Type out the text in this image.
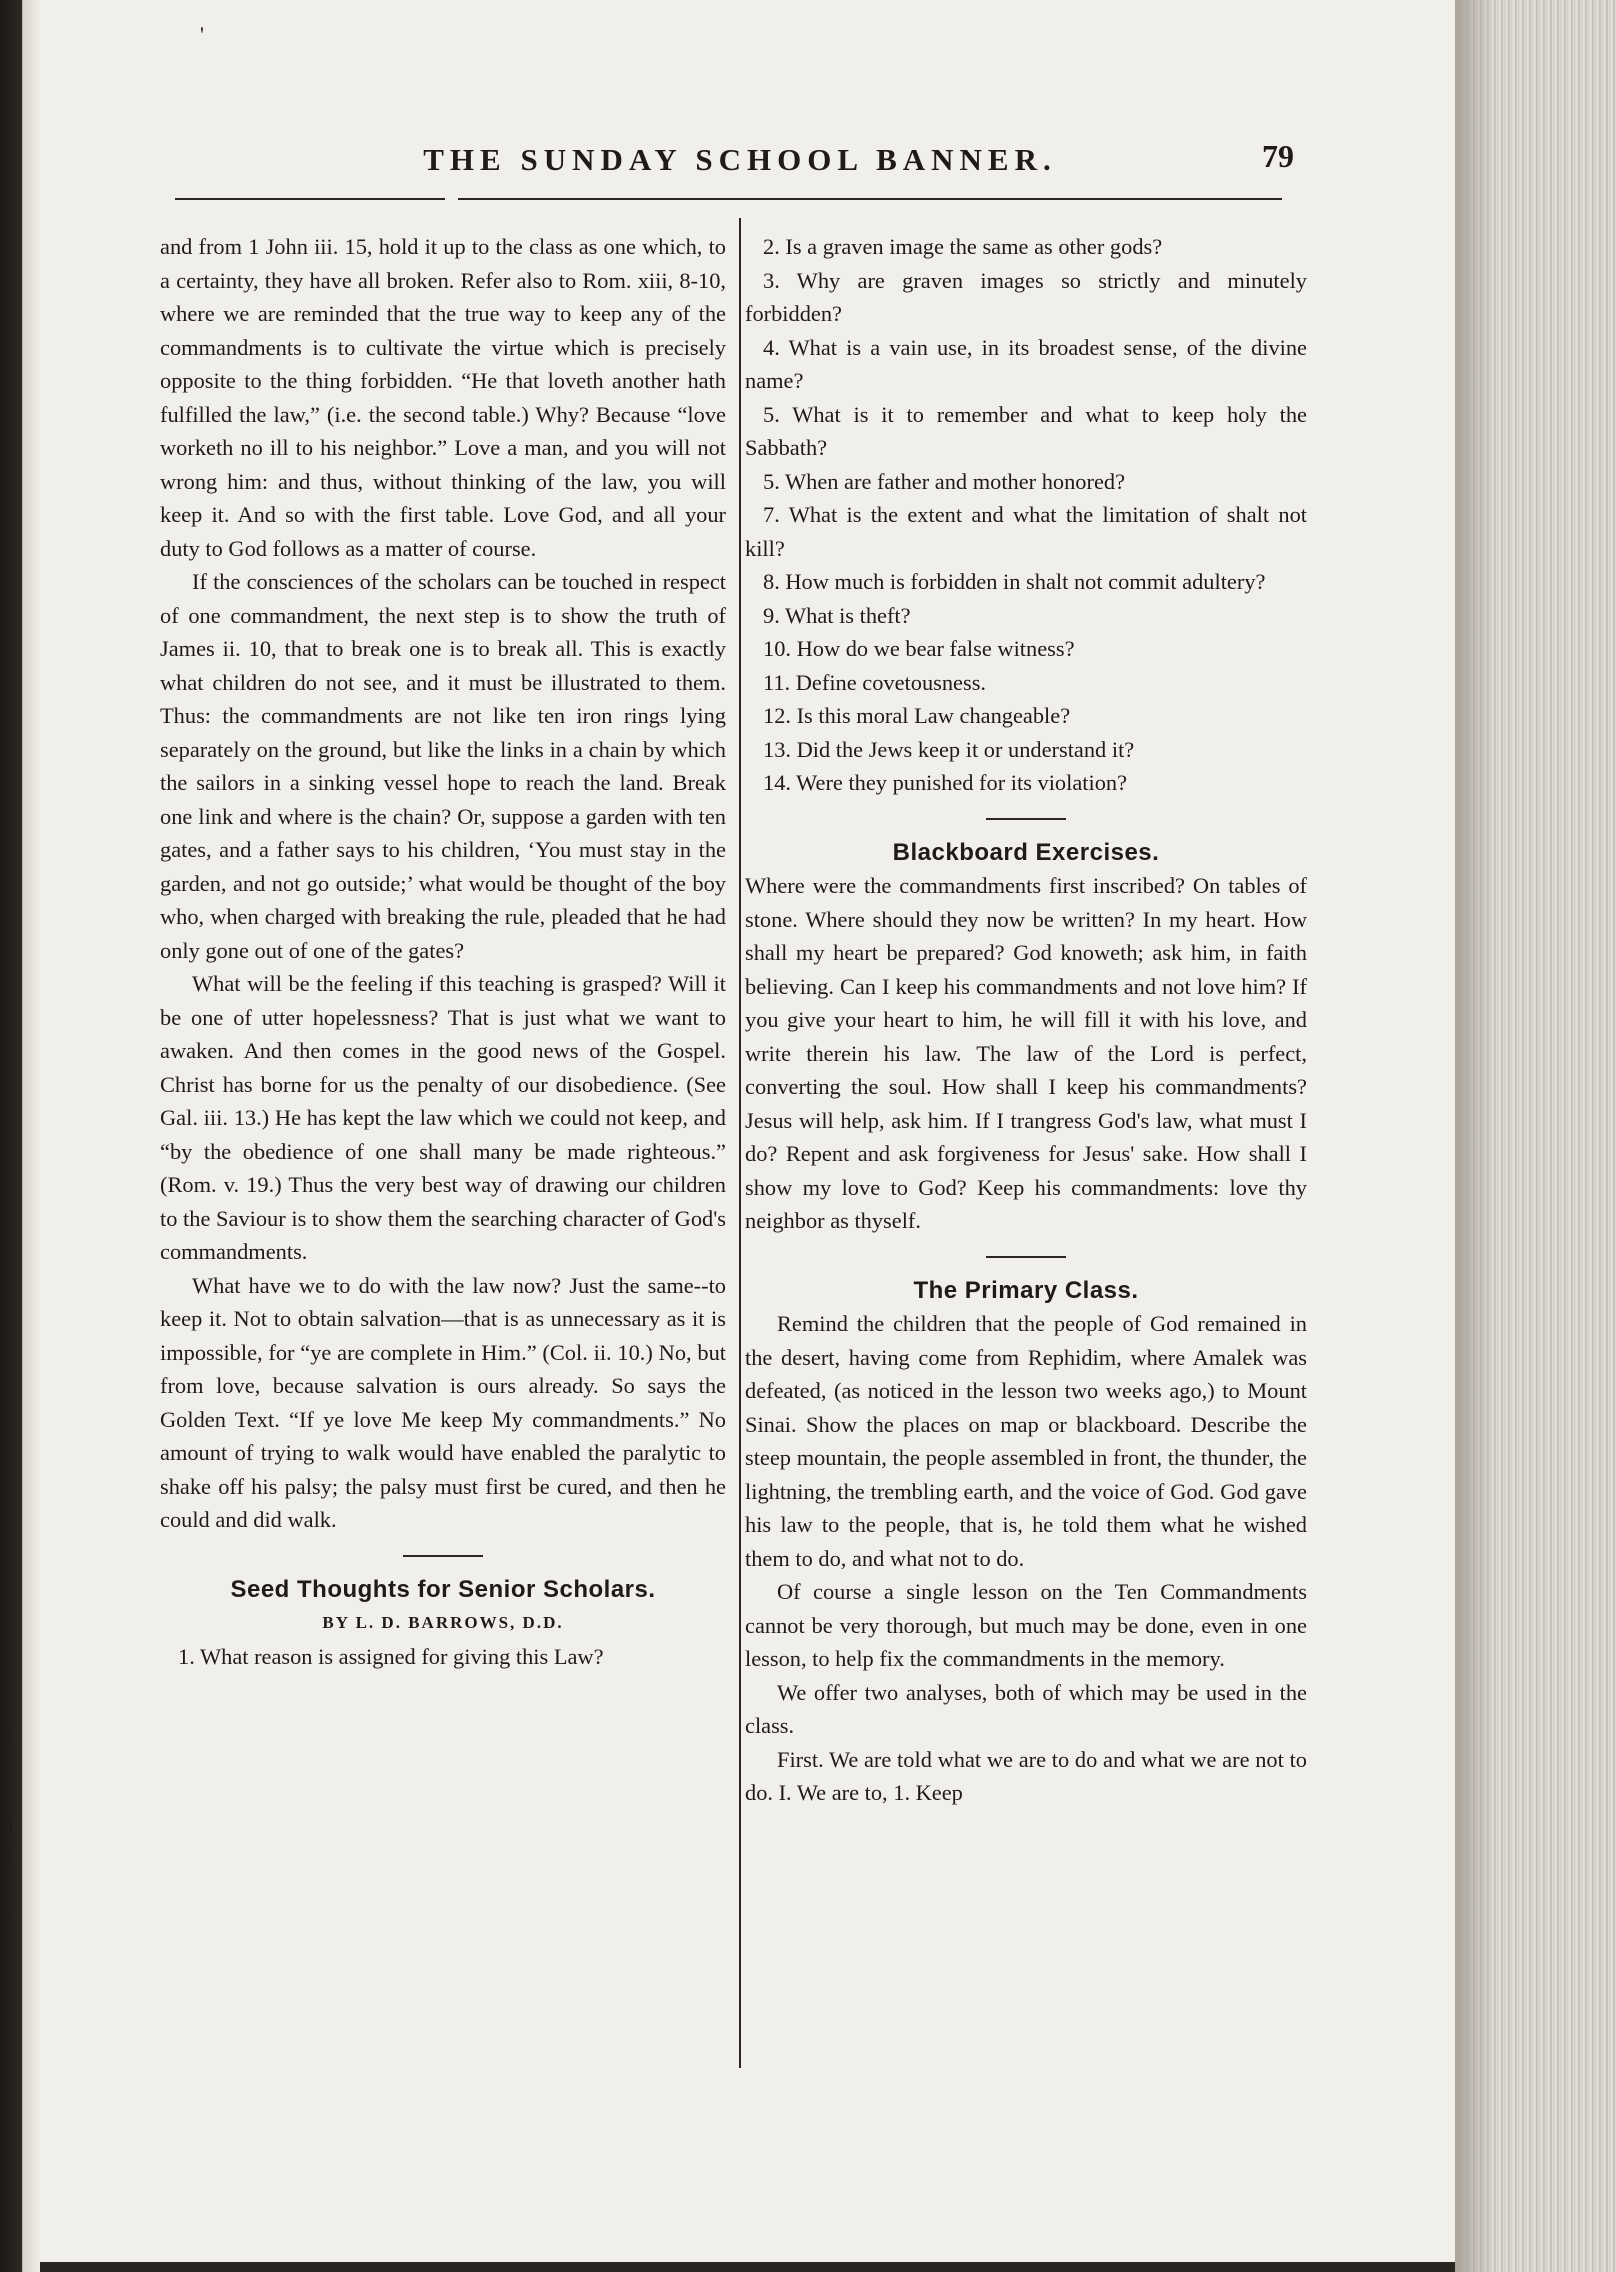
t
s
,
t
h
y
t
s
-
t
'
THE SUNDAY SCHOOL BANNER.	79

and from 1 John iii. 15, hold it up to the class as one which, to a certainty, they have all broken. Refer also to Rom. xiii, 8-10, where we are reminded that the true way to keep any of the commandments is to cultivate the virtue which is precisely opposite to the thing forbidden. “He that loveth another hath fulfilled the law,” (i.e. the second table.) Why? Because “love worketh no ill to his neighbor.” Love a man, and you will not wrong him: and thus, without thinking of the law, you will keep it. And so with the first table. Love God, and all your duty to God follows as a matter of course.

If the consciences of the scholars can be touched in respect of one commandment, the next step is to show the truth of James ii. 10, that to break one is to break all. This is exactly what children do not see, and it must be illustrated to them. Thus: the commandments are not like ten iron rings lying separately on the ground, but like the links in a chain by which the sailors in a sinking vessel hope to reach the land. Break one link and where is the chain? Or, suppose a garden with ten gates, and a father says to his children, ‘You must stay in the garden, and not go outside;’ what would be thought of the boy who, when charged with breaking the rule, pleaded that he had only gone out of one of the gates?

What will be the feeling if this teaching is grasped? Will it be one of utter hopelessness? That is just what we want to awaken. And then comes in the good news of the Gospel. Christ has borne for us the penalty of our disobedience. (See Gal. iii. 13.) He has kept the law which we could not keep, and “by the obedience of one shall many be made righteous.” (Rom. v. 19.) Thus the very best way of drawing our children to the Saviour is to show them the searching character of God's commandments.

What have we to do with the law now? Just the same--to keep it. Not to obtain salvation—that is as unnecessary as it is impossible, for “ye are complete in Him.” (Col. ii. 10.) No, but from love, because salvation is ours already. So says the Golden Text. “If ye love Me keep My commandments.” No amount of trying to walk would have enabled the paralytic to shake off his palsy; the palsy must first be cured, and then he could and did walk.

Seed Thoughts for Senior Scholars.

BY L. D. BARROWS, D.D.

1. What reason is assigned for giving this Law?

2. Is a graven image the same as other gods?

3. Why are graven images so strictly and minutely forbidden?

4. What is a vain use, in its broadest sense, of the divine name?

5. What is it to remember and what to keep holy the Sabbath?

5. When are father and mother honored?

7. What is the extent and what the limitation of shalt not kill?

8. How much is forbidden in shalt not commit adultery?

9. What is theft?

10. How do we bear false witness?

11. Define covetousness.

12. Is this moral Law changeable?

13. Did the Jews keep it or understand it?

14. Were they punished for its violation?

Blackboard Exercises.

Where were the commandments first inscribed? On tables of stone. Where should they now be written? In my heart. How shall my heart be prepared? God knoweth; ask him, in faith believing. Can I keep his commandments and not love him? If you give your heart to him, he will fill it with his love, and write therein his law. The law of the Lord is perfect, converting the soul. How shall I keep his commandments? Jesus will help, ask him. If I trangress God's law, what must I do? Repent and ask forgiveness for Jesus' sake. How shall I show my love to God? Keep his commandments: love thy neighbor as thyself.

The Primary Class.

Remind the children that the people of God remained in the desert, having come from Rephidim, where Amalek was defeated, (as noticed in the lesson two weeks ago,) to Mount Sinai. Show the places on map or blackboard. Describe the steep mountain, the people assembled in front, the thunder, the lightning, the trembling earth, and the voice of God. God gave his law to the people, that is, he told them what he wished them to do, and what not to do.

Of course a single lesson on the Ten Commandments cannot be very thorough, but much may be done, even in one lesson, to help fix the commandments in the memory.

We offer two analyses, both of which may be used in the class.

First. We are told what we are to do and what we are not to do. I. We are to, 1. Keep
